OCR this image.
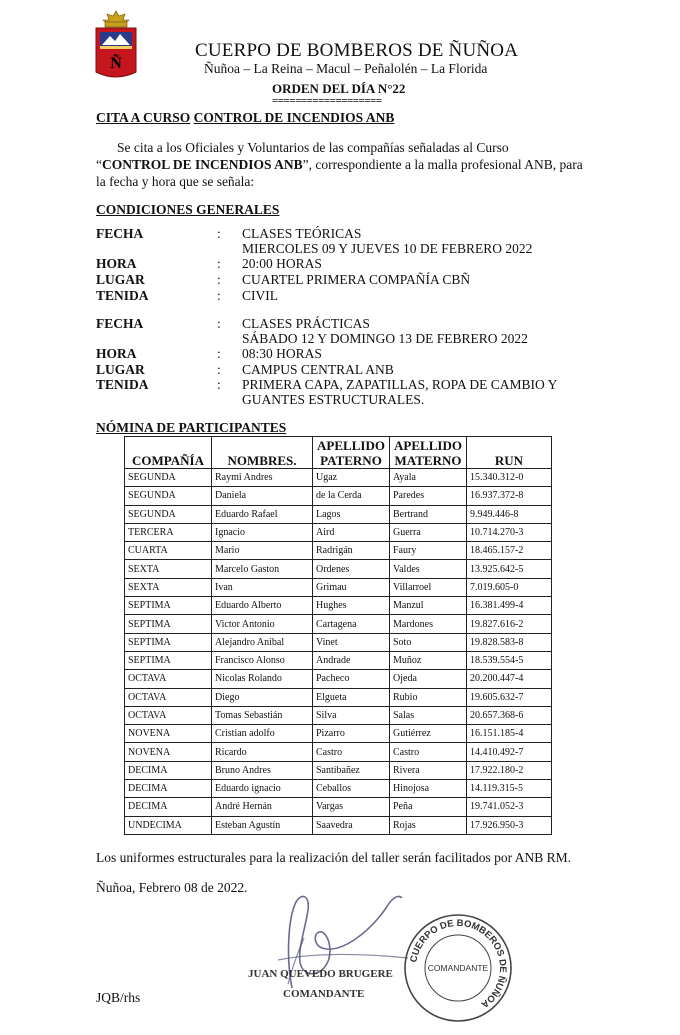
Ñ
CUERPO DE BOMBEROS DE ÑUÑOA
Ñuñoa – La Reina – Macul – Peñalolén – La Florida
ORDEN DEL DÍA N°22
===================
CITA A CURSO CONTROL DE INCENDIOS ANB
Se cita a los Oficiales y Voluntarios de las compañías señaladas al Curso
“CONTROL DE INCENDIOS ANB”, correspondiente a la malla profesional ANB, para la fecha y hora que se señala:
CONDICIONES GENERALES
FECHA	: CLASES TEÓRICAS
MIERCOLES 09 Y JUEVES 10 DE FEBRERO 2022
HORA	: 20:00 HORAS
LUGAR	: CUARTEL PRIMERA COMPAÑÍA CBÑ
TENIDA	: CIVIL
FECHA	: CLASES PRÁCTICAS
SÁBADO 12 Y DOMINGO 13 DE FEBRERO 2022
HORA	: 08:30 HORAS
LUGAR	: CAMPUS CENTRAL ANB
TENIDA	: PRIMERA CAPA, ZAPATILLAS, ROPA DE CAMBIO Y
GUANTES ESTRUCTURALES.
NÓMINA DE PARTICIPANTES
COMPAÑÍA	NOMBRES.	APELLIDO PATERNO	APELLIDO MATERNO	RUN
SEGUNDA	Raymi Andres	Ugaz	Ayala	15.340.312-0
SEGUNDA	Daniela	de la Cerda	Paredes	16.937.372-8
SEGUNDA	Eduardo Rafael	Lagos	Bertrand	9.949.446-8
TERCERA	Ignacio	Aird	Guerra	10.714.270-3
CUARTA	Mario	Radrigán	Faury	18.465.157-2
SEXTA	Marcelo Gaston	Ordenes	Valdes	13.925.642-5
SEXTA	Ivan	Grimau	Villarroel	7.019.605-0
SEPTIMA	Eduardo Alberto	Hughes	Manzul	16.381.499-4
SEPTIMA	Victor Antonio	Cartagena	Mardones	19.827.616-2
SEPTIMA	Alejandro Anibal	Vinet	Soto	19.828.583-8
SEPTIMA	Francisco Alonso	Andrade	Muñoz	18.539.554-5
OCTAVA	Nicolas Rolando	Pacheco	Ojeda	20.200.447-4
OCTAVA	Diego	Elgueta	Rubio	19.605.632-7
OCTAVA	Tomas Sebastián	Silva	Salas	20.657.368-6
NOVENA	Cristian adolfo	Pizarro	Gutiérrez	16.151.185-4
NOVENA	Ricardo	Castro	Castro	14.410.492-7
DECIMA	Bruno Andres	Santibañez	Rivera	17.922.180-2
DECIMA	Eduardo ignacio	Ceballos	Hinojosa	14.119.315-5
DECIMA	André Hernán	Vargas	Peña	19.741.052-3
UNDECIMA	Esteban Agustín	Saavedra	Rojas	17.926.950-3
Los uniformes estructurales para la realización del taller serán facilitados por ANB RM.
Ñuñoa, Febrero 08 de 2022.
JUAN QUEVEDO BRUGERE
COMANDANTE
CUERPO DE BOMBEROS DE ÑUÑOA
COMANDANTE
JQB/rhs
